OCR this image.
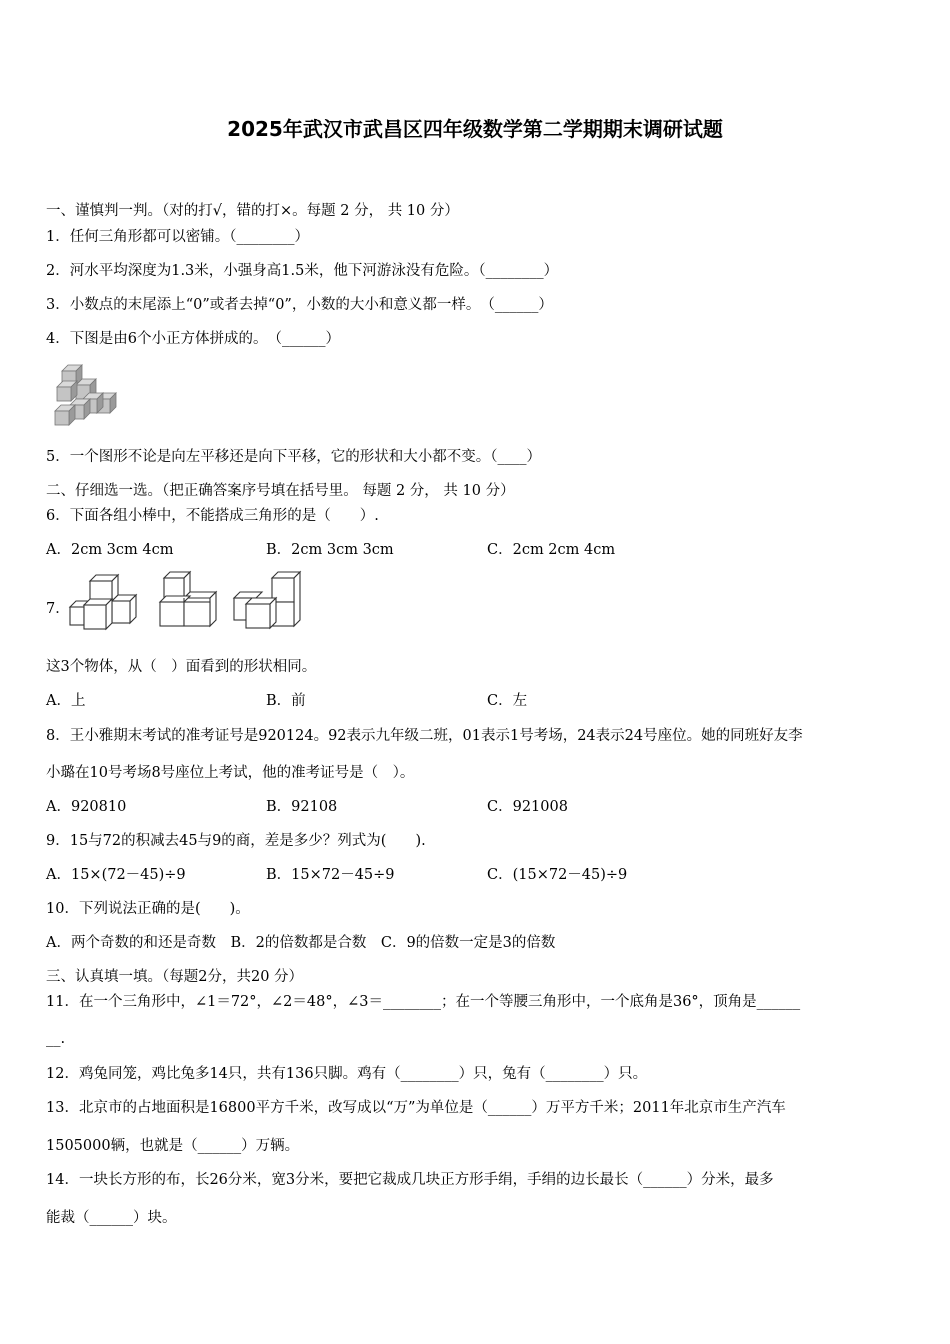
2025年武汉市武昌区四年级数学第二学期期末调研试题
一、谨慎判一判。（对的打√，错的打×。每题 2 分， 共 10 分）
1．任何三角形都可以密铺。（________）
2．河水平均深度为1.3米，小强身高1.5米，他下河游泳没有危险。（________）
3．小数点的末尾添上“0”或者去掉“0”，小数的大小和意义都一样。　（______）
4．下图是由6个小正方体拼成的。　（______）
5．一个图形不论是向左平移还是向下平移，它的形状和大小都不变。（____）
二、仔细选一选。（把正确答案序号填在括号里。 每题 2 分， 共 10 分）
6．下面各组小棒中，不能搭成三角形的是（　　）.
A．2cm 3cm 4cm	B．2cm 3cm 3cm	C．2cm 2cm 4cm
7．
这3个物体，从（　）面看到的形状相同。
A．上	B．前	C．左
8．王小雅期末考试的准考证号是920124。92表示九年级二班，01表示1号考场，24表示24号座位。她的同班好友李
小璐在10号考场8号座位上考试，他的准考证号是（　）。
A．920810	B．92108	C．921008
9．15与72的积减去45与9的商，差是多少？列式为(　　).
A．15×(72－45)÷9	B．15×72－45÷9	C．(15×72－45)÷9
10．下列说法正确的是(　　)。
A．两个奇数的和还是奇数　B．2的倍数都是合数　C．9的倍数一定是3的倍数
三、认真填一填。（每题2分，共20 分）
11．在一个三角形中，∠1＝72°，∠2＝48°，∠3＝________；在一个等腰三角形中，一个底角是36°，顶角是______
__.
12．鸡兔同笼，鸡比兔多14只，共有136只脚。鸡有（________）只，兔有（________）只。
13．北京市的占地面积是16800平方千米，改写成以“万”为单位是（______）万平方千米；2011年北京市生产汽车
1505000辆，也就是（______）万辆。
14．一块长方形的布，长26分米，宽3分米，要把它裁成几块正方形手绢，手绢的边长最长（______）分米，最多
能裁（______）块。
